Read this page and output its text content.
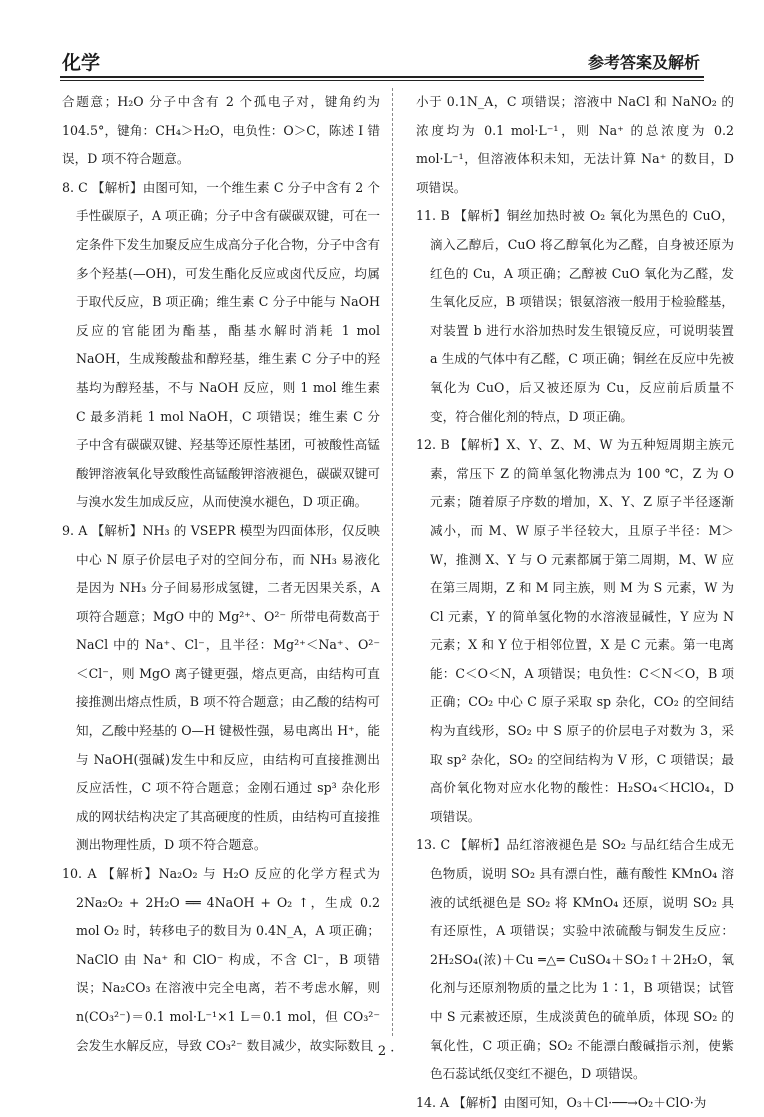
化学	参考答案及解析

合题意；H₂O 分子中含有 2 个孤电子对，键角约为 104.5°，键角：CH₄＞H₂O，电负性：O＞C，陈述 Ⅰ 错误，D 项不符合题意。

8. C 【解析】由图可知，一个维生素 C 分子中含有 2 个手性碳原子，A 项正确；分子中含有碳碳双键，可在一定条件下发生加聚反应生成高分子化合物，分子中含有多个羟基(—OH)，可发生酯化反应或卤代反应，均属于取代反应，B 项正确；维生素 C 分子中能与 NaOH 反应的官能团为酯基，酯基水解时消耗 1 mol NaOH，生成羧酸盐和醇羟基，维生素 C 分子中的羟基均为醇羟基，不与 NaOH 反应，则 1 mol 维生素 C 最多消耗 1 mol NaOH，C 项错误；维生素 C 分子中含有碳碳双键、羟基等还原性基团，可被酸性高锰酸钾溶液氧化导致酸性高锰酸钾溶液褪色，碳碳双键可与溴水发生加成反应，从而使溴水褪色，D 项正确。

9. A 【解析】NH₃ 的 VSEPR 模型为四面体形，仅反映中心 N 原子价层电子对的空间分布，而 NH₃ 易液化是因为 NH₃ 分子间易形成氢键，二者无因果关系，A 项符合题意；MgO 中的 Mg²⁺、O²⁻ 所带电荷数高于 NaCl 中的 Na⁺、Cl⁻，且半径：Mg²⁺＜Na⁺、O²⁻＜Cl⁻，则 MgO 离子键更强，熔点更高，由结构可直接推测出熔点性质，B 项不符合题意；由乙酸的结构可知，乙酸中羟基的 O—H 键极性强，易电离出 H⁺，能与 NaOH(强碱)发生中和反应，由结构可直接推测出反应活性，C 项不符合题意；金刚石通过 sp³ 杂化形成的网状结构决定了其高硬度的性质，由结构可直接推测出物理性质，D 项不符合题意。

10. A 【解析】Na₂O₂ 与 H₂O 反应的化学方程式为 2Na₂O₂ + 2H₂O ══ 4NaOH + O₂ ↑，生成 0.2 mol O₂ 时，转移电子的数目为 0.4N_A，A 项正确；NaClO 由 Na⁺ 和 ClO⁻ 构成，不含 Cl⁻，B 项错误；Na₂CO₃ 在溶液中完全电离，若不考虑水解，则 n(CO₃²⁻)＝0.1 mol·L⁻¹×1 L＝0.1 mol，但 CO₃²⁻ 会发生水解反应，导致 CO₃²⁻ 数目减少，故实际数目

小于 0.1N_A，C 项错误；溶液中 NaCl 和 NaNO₂ 的浓度均为 0.1 mol·L⁻¹，则 Na⁺ 的总浓度为 0.2 mol·L⁻¹，但溶液体积未知，无法计算 Na⁺ 的数目，D 项错误。

11. B 【解析】铜丝加热时被 O₂ 氧化为黑色的 CuO，滴入乙醇后，CuO 将乙醇氧化为乙醛，自身被还原为红色的 Cu，A 项正确；乙醇被 CuO 氧化为乙醛，发生氧化反应，B 项错误；银氨溶液一般用于检验醛基，对装置 b 进行水浴加热时发生银镜反应，可说明装置 a 生成的气体中有乙醛，C 项正确；铜丝在反应中先被氧化为 CuO，后又被还原为 Cu，反应前后质量不变，符合催化剂的特点，D 项正确。

12. B 【解析】X、Y、Z、M、W 为五种短周期主族元素，常压下 Z 的简单氢化物沸点为 100 ℃，Z 为 O 元素；随着原子序数的增加，X、Y、Z 原子半径逐渐减小，而 M、W 原子半径较大，且原子半径：M＞W，推测 X、Y 与 O 元素都属于第二周期，M、W 应在第三周期，Z 和 M 同主族，则 M 为 S 元素，W 为 Cl 元素，Y 的简单氢化物的水溶液显碱性，Y 应为 N 元素；X 和 Y 位于相邻位置，X 是 C 元素。第一电离能：C＜O＜N，A 项错误；电负性：C＜N＜O，B 项正确；CO₂ 中心 C 原子采取 sp 杂化，CO₂ 的空间结构为直线形，SO₂ 中 S 原子的价层电子对数为 3，采取 sp² 杂化，SO₂ 的空间结构为 V 形，C 项错误；最高价氧化物对应水化物的酸性：H₂SO₄＜HClO₄，D 项错误。

13. C 【解析】品红溶液褪色是 SO₂ 与品红结合生成无色物质，说明 SO₂ 具有漂白性，蘸有酸性 KMnO₄ 溶液的试纸褪色是 SO₂ 将 KMnO₄ 还原，说明 SO₂ 具有还原性，A 项错误；实验中浓硫酸与铜发生反应：2H₂SO₄(浓)＋Cu ═△═ CuSO₄＋SO₂↑＋2H₂O，氧化剂与还原剂物质的量之比为 1∶1，B 项错误；试管中 S 元素被还原，生成淡黄色的硫单质，体现 SO₂ 的氧化性，C 项正确；SO₂ 不能漂白酸碱指示剂，使紫色石蕊试纸仅变红不褪色，D 项错误。

14. A 【解析】由图可知，O₃＋Cl·──→O₂＋ClO·为

· 2 ·
